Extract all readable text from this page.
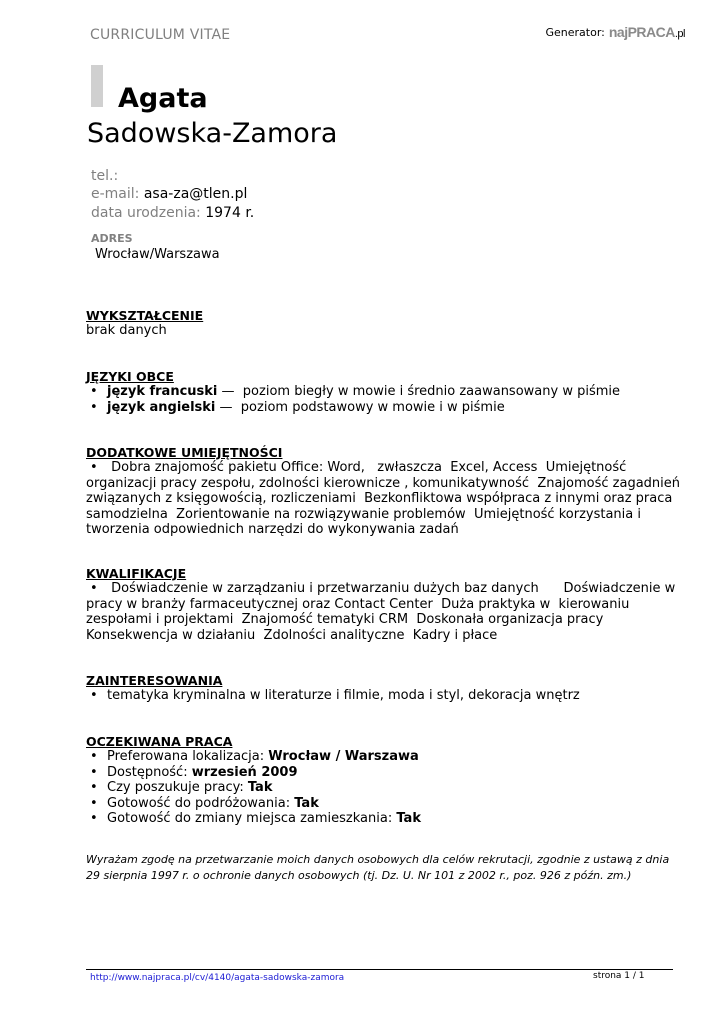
CURRICULUM VITAE	Generator: najPRACA.pl
Agata
Sadowska-Zamora
tel.:
e-mail: asa-za@tlen.pl
data urodzenia: 1974 r.
ADRES
Wrocław/Warszawa
WYKSZTAŁCENIE

brak danych

JĘZYKI OBCE
• język francuski —  poziom biegły w mowie i średnio zaawansowany w piśmie
• język angielski —  poziom podstawowy w mowie i w piśmie
DODATKOWE UMIEJĘTNOŚCI

• Dobra znajomość pakietu Office: Word,   zwłaszcza  Excel, Access  Umiejętność organizacji pracy zespołu, zdolności kierownicze , komunikatywność  Znajomość zagadnień związanych z księgowością, rozliczeniami  Bezkonfliktowa współpraca z innymi oraz praca samodzielna  Zorientowanie na rozwiązywanie problemów  Umiejętność korzystania i tworzenia odpowiednich narzędzi do wykonywania zadań

KWALIFIKACJE

• Doświadczenie w zarządzaniu i przetwarzaniu dużych baz danych      Doświadczenie w pracy w branży farmaceutycznej oraz Contact Center  Duża praktyka w  kierowaniu zespołami i projektami  Znajomość tematyki CRM  Doskonała organizacja pracy  Konsekwencja w działaniu  Zdolności analityczne  Kadry i płace

ZAINTERESOWANIA
• tematyka kryminalna w literaturze i filmie, moda i styl, dekoracja wnętrz
OCZEKIWANA PRACA
• Preferowana lokalizacja: Wrocław / Warszawa
• Dostępność: wrzesień 2009
• Czy poszukuje pracy: Tak
• Gotowość do podróżowania: Tak
• Gotowość do zmiany miejsca zamieszkania: Tak
Wyrażam zgodę na przetwarzanie moich danych osobowych dla celów rekrutacji, zgodnie z ustawą z dnia 29 sierpnia 1997 r. o ochronie danych osobowych (tj. Dz. U. Nr 101 z 2002 r., poz. 926 z późn. zm.)
http://www.najpraca.pl/cv/4140/agata-sadowska-zamora	strona 1 / 1
